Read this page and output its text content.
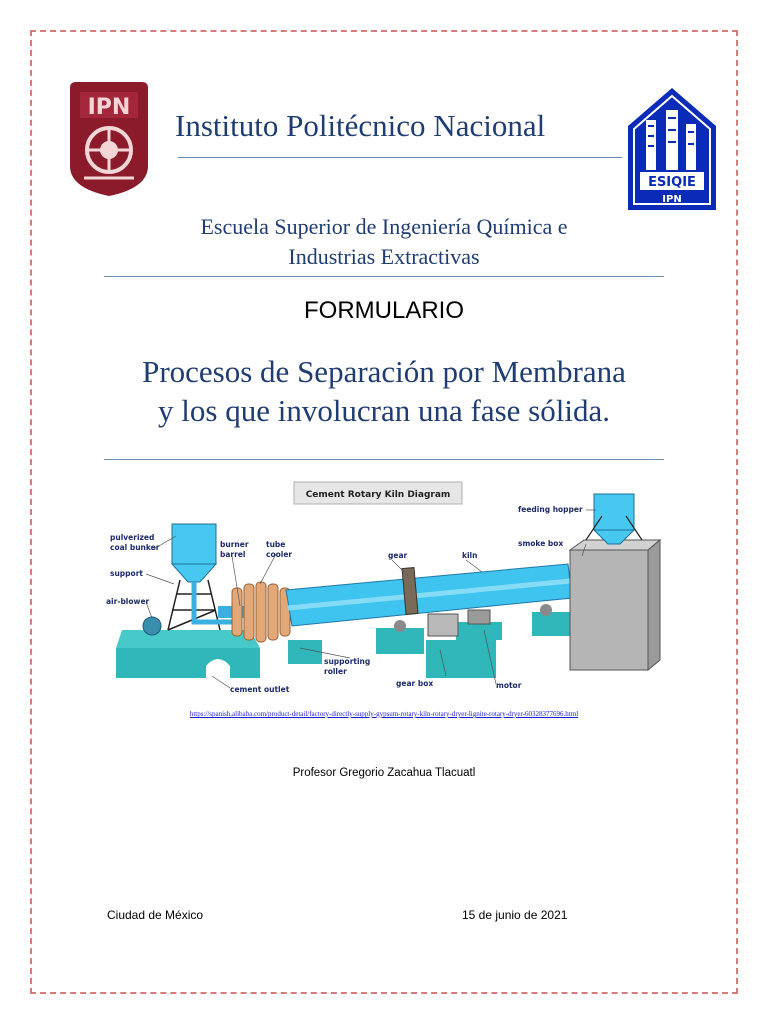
IPN
ESIQIE
IPN
Instituto Politécnico Nacional
Escuela Superior de Ingeniería Química e
Industrias Extractivas
FORMULARIO
Procesos de Separación por Membrana
y los que involucran una fase sólida.
Cement Rotary Kiln Diagram
pulverized
coal bunker
support
air-blower
burner
barrel
tube
cooler	gear	kiln
feeding hopper
smoke box
supporting
roller
gear box	motor
cement outlet
https://spanish.alibaba.com/product-detail/factory-directly-supply-gypsum-rotary-kiln-rotary-dryer-lignite-rotary-dryer-60328377696.html
Profesor Gregorio Zacahua Tlacuatl
Ciudad de México	15 de junio de 2021
